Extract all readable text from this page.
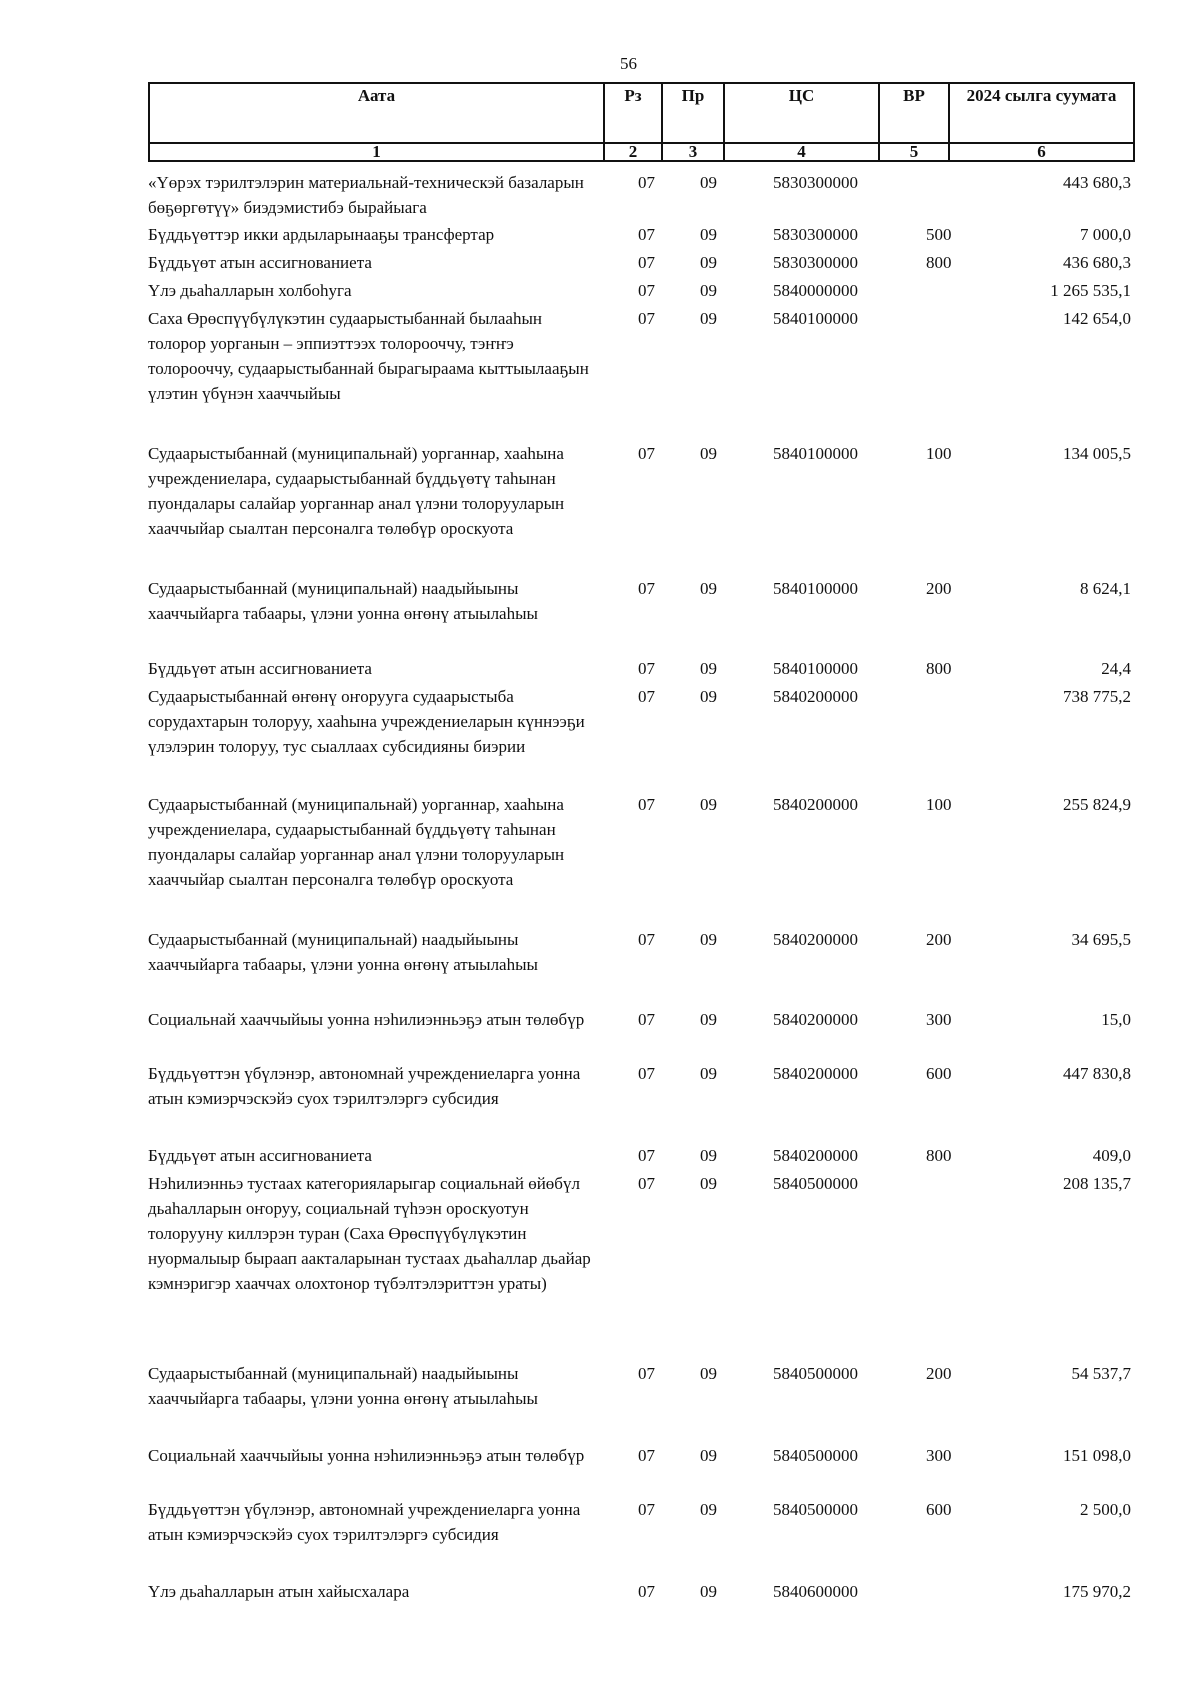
56
Аата	Рз	Пр	ЦС	ВР	2024 сылга суумата
1	2	3	4	5	6
«Үөрэх тэрилтэлэрин материальнай-техническэй базаларын бөҕөргөтүү» биэдэмистибэ бырайыага
07	09	5830300000	443 680,3
Бүддьүөттэр икки ардыларынааҕы трансфертар	07	09	5830300000	500	7 000,0
Бүддьүөт атын ассигнованиета	07	09	5830300000	800	436 680,3
Үлэ дьаһалларын холбоһуга	07	09	5840000000	1 265 535,1
Саха Өрөспүүбүлүкэтин судаарыстыбаннай былааһын толорор уорганын – эппиэттээх толорооччу, тэҥҥэ толорооччу, судаарыстыбаннай бырагыраама кыттыылааҕын үлэтин үбүнэн хааччыйыы
07	09	5840100000	142 654,0
Судаарыстыбаннай (муниципальнай) уорганнар, хааһына учреждениелара, судаарыстыбаннай бүддьүөтү таһынан пуондалары салайар уорганнар анал үлэни толорууларын хааччыйар сыалтан персоналга төлөбүр ороскуота
07	09	5840100000	100	134 005,5
Судаарыстыбаннай (муниципальнай) наадыйыыны хааччыйарга табаары, үлэни уонна өҥөнү атыылаһыы
07	09	5840100000	200	8 624,1
Бүддьүөт атын ассигнованиета	07	09	5840100000	800	24,4
Судаарыстыбаннай өҥөнү оҥорууга судаарыстыба сорудахтарын толоруу, хааһына учреждениеларын күннээҕи үлэлэрин толоруу, тус сыаллаах субсидияны биэрии
07	09	5840200000	738 775,2
Судаарыстыбаннай (муниципальнай) уорганнар, хааһына учреждениелара, судаарыстыбаннай бүддьүөтү таһынан пуондалары салайар уорганнар анал үлэни толорууларын хааччыйар сыалтан персоналга төлөбүр ороскуота
07	09	5840200000	100	255 824,9
Судаарыстыбаннай (муниципальнай) наадыйыыны хааччыйарга табаары, үлэни уонна өҥөнү атыылаһыы
07	09	5840200000	200	34 695,5
Социальнай хааччыйыы уонна нэһилиэнньэҕэ атын төлөбүр	07	09	5840200000	300	15,0
Бүддьүөттэн үбүлэнэр, автономнай учреждениеларга уонна атын кэмиэрчэскэйэ суох тэрилтэлэргэ субсидия
07	09	5840200000	600	447 830,8
Бүддьүөт атын ассигнованиета	07	09	5840200000	800	409,0
Нэһилиэнньэ тустаах категорияларыгар социальнай өйөбүл дьаһалларын оҥоруу, социальнай түһээн ороскуотун толорууну киллэрэн туран (Саха Өрөспүүбүлүкэтин нуормалыыр быраап аакталарынан тустаах дьаһаллар дьайар кэмнэригэр хааччах олохтонор түбэлтэлэриттэн ураты)
07	09	5840500000	208 135,7
Судаарыстыбаннай (муниципальнай) наадыйыыны хааччыйарга табаары, үлэни уонна өҥөнү атыылаһыы
07	09	5840500000	200	54 537,7
Социальнай хааччыйыы уонна нэһилиэнньэҕэ атын төлөбүр	07	09	5840500000	300	151 098,0
Бүддьүөттэн үбүлэнэр, автономнай учреждениеларга уонна атын кэмиэрчэскэйэ суох тэрилтэлэргэ субсидия
07	09	5840500000	600	2 500,0
Үлэ дьаһалларын атын хайысхалара	07	09	5840600000	175 970,2
